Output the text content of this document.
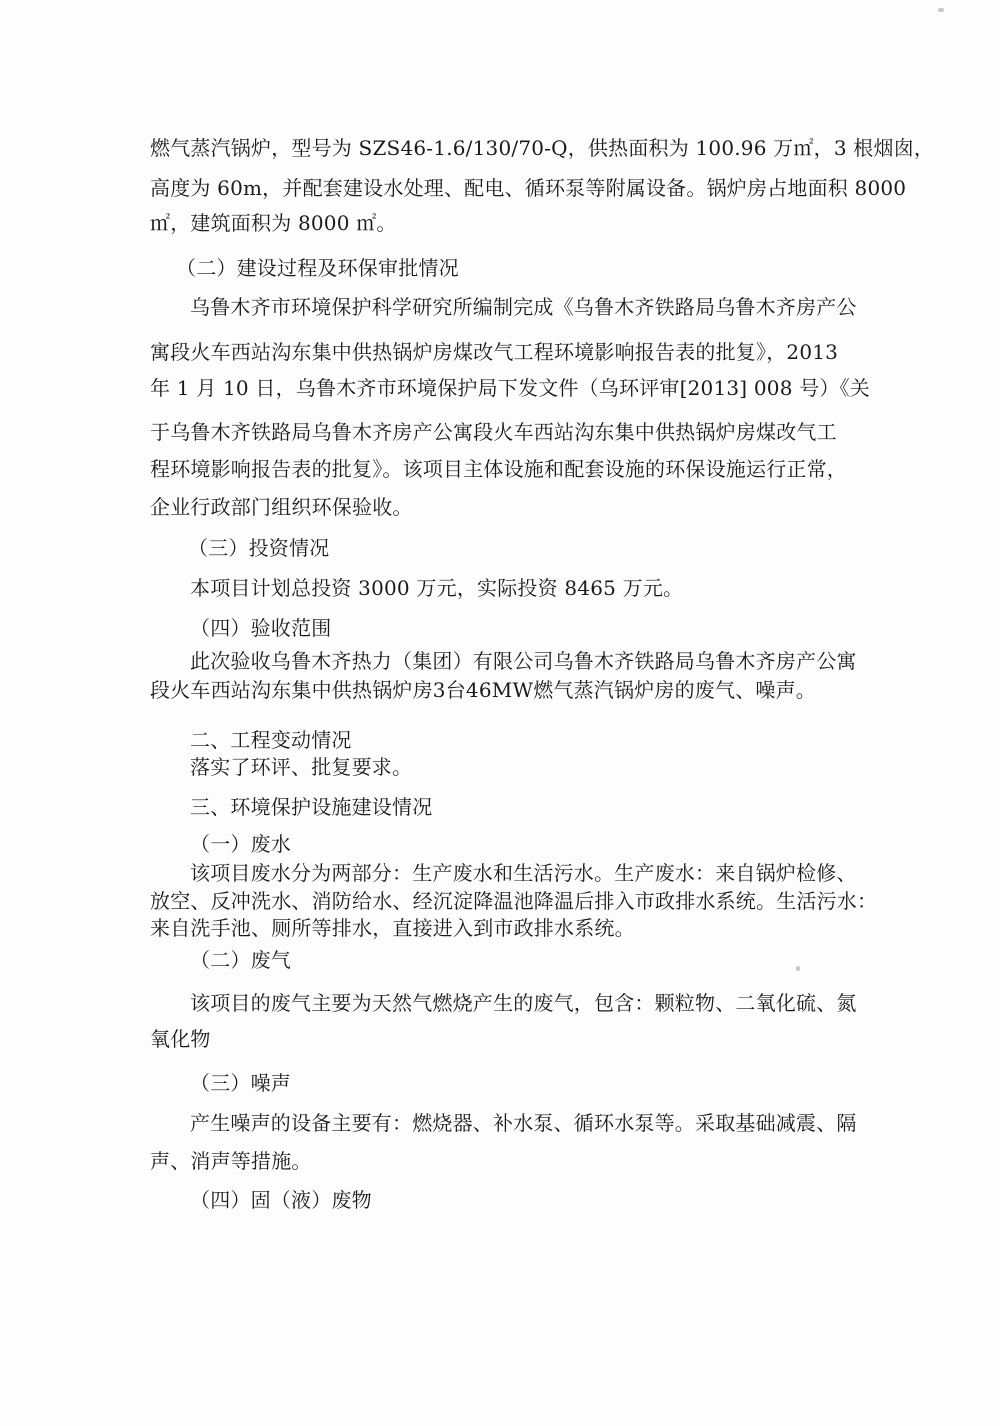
燃气蒸汽锅炉，型号为 SZS46-1.6/130/70-Q，供热面积为 100.96 万㎡，3 根烟囱，
高度为 60m，并配套建设水处理、配电、循环泵等附属设备。锅炉房占地面积 8000
㎡，建筑面积为 8000 ㎡。
（二）建设过程及环保审批情况
乌鲁木齐市环境保护科学研究所编制完成《乌鲁木齐铁路局乌鲁木齐房产公
寓段火车西站沟东集中供热锅炉房煤改气工程环境影响报告表的批复》，2013
年 1 月 10 日，乌鲁木齐市环境保护局下发文件（乌环评审[2013] 008 号）《关
于乌鲁木齐铁路局乌鲁木齐房产公寓段火车西站沟东集中供热锅炉房煤改气工
程环境影响报告表的批复》。该项目主体设施和配套设施的环保设施运行正常，
企业行政部门组织环保验收。
（三）投资情况
本项目计划总投资 3000 万元，实际投资 8465 万元。
（四）验收范围
此次验收乌鲁木齐热力（集团）有限公司乌鲁木齐铁路局乌鲁木齐房产公寓
段火车西站沟东集中供热锅炉房3台46MW燃气蒸汽锅炉房的废气、噪声。
二、工程变动情况
落实了环评、批复要求。
三、环境保护设施建设情况
（一）废水
该项目废水分为两部分：生产废水和生活污水。生产废水：来自锅炉检修、
放空、反冲洗水、消防给水、经沉淀降温池降温后排入市政排水系统。生活污水：
来自洗手池、厕所等排水，直接进入到市政排水系统。
（二）废气
该项目的废气主要为天然气燃烧产生的废气，包含：颗粒物、二氧化硫、氮
氧化物
（三）噪声
产生噪声的设备主要有：燃烧器、补水泵、循环水泵等。采取基础减震、隔
声、消声等措施。
（四）固（液）废物
